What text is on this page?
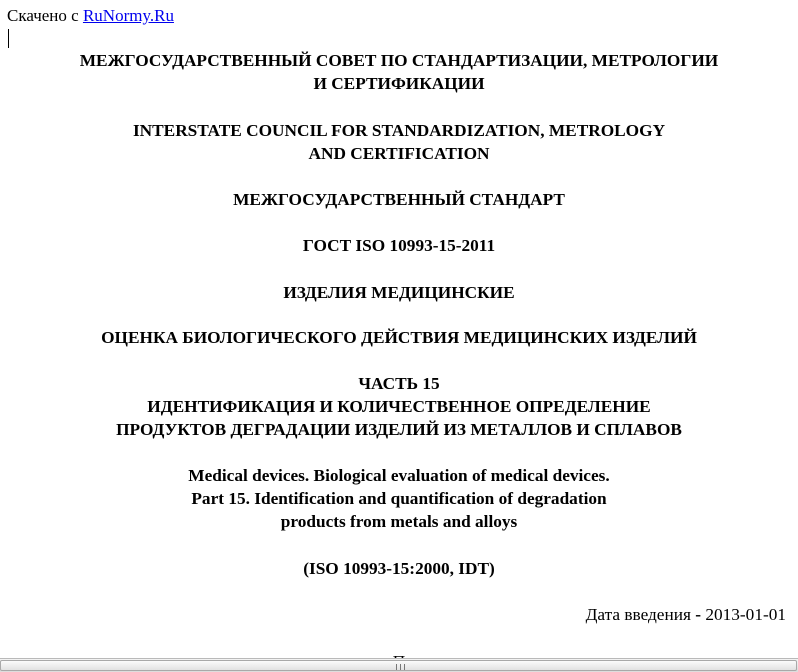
Скачено с RuNormy.Ru
МЕЖГОСУДАРСТВЕННЫЙ СОВЕТ ПО СТАНДАРТИЗАЦИИ, МЕТРОЛОГИИ
И СЕРТИФИКАЦИИ
INTERSTATE COUNCIL FOR STANDARDIZATION, METROLOGY
AND CERTIFICATION
МЕЖГОСУДАРСТВЕННЫЙ СТАНДАРТ
ГОСТ ISO 10993-15-2011
ИЗДЕЛИЯ МЕДИЦИНСКИЕ
ОЦЕНКА БИОЛОГИЧЕСКОГО ДЕЙСТВИЯ МЕДИЦИНСКИХ ИЗДЕЛИЙ
ЧАСТЬ 15
ИДЕНТИФИКАЦИЯ И КОЛИЧЕСТВЕННОЕ ОПРЕДЕЛЕНИЕ
ПРОДУКТОВ ДЕГРАДАЦИИ ИЗДЕЛИЙ ИЗ МЕТАЛЛОВ И СПЛАВОВ
Medical devices. Biological evaluation of medical devices.
Part 15. Identification and quantification of degradation
products from metals and alloys
(ISO 10993-15:2000, IDT)
Дата введения - 2013-01-01
